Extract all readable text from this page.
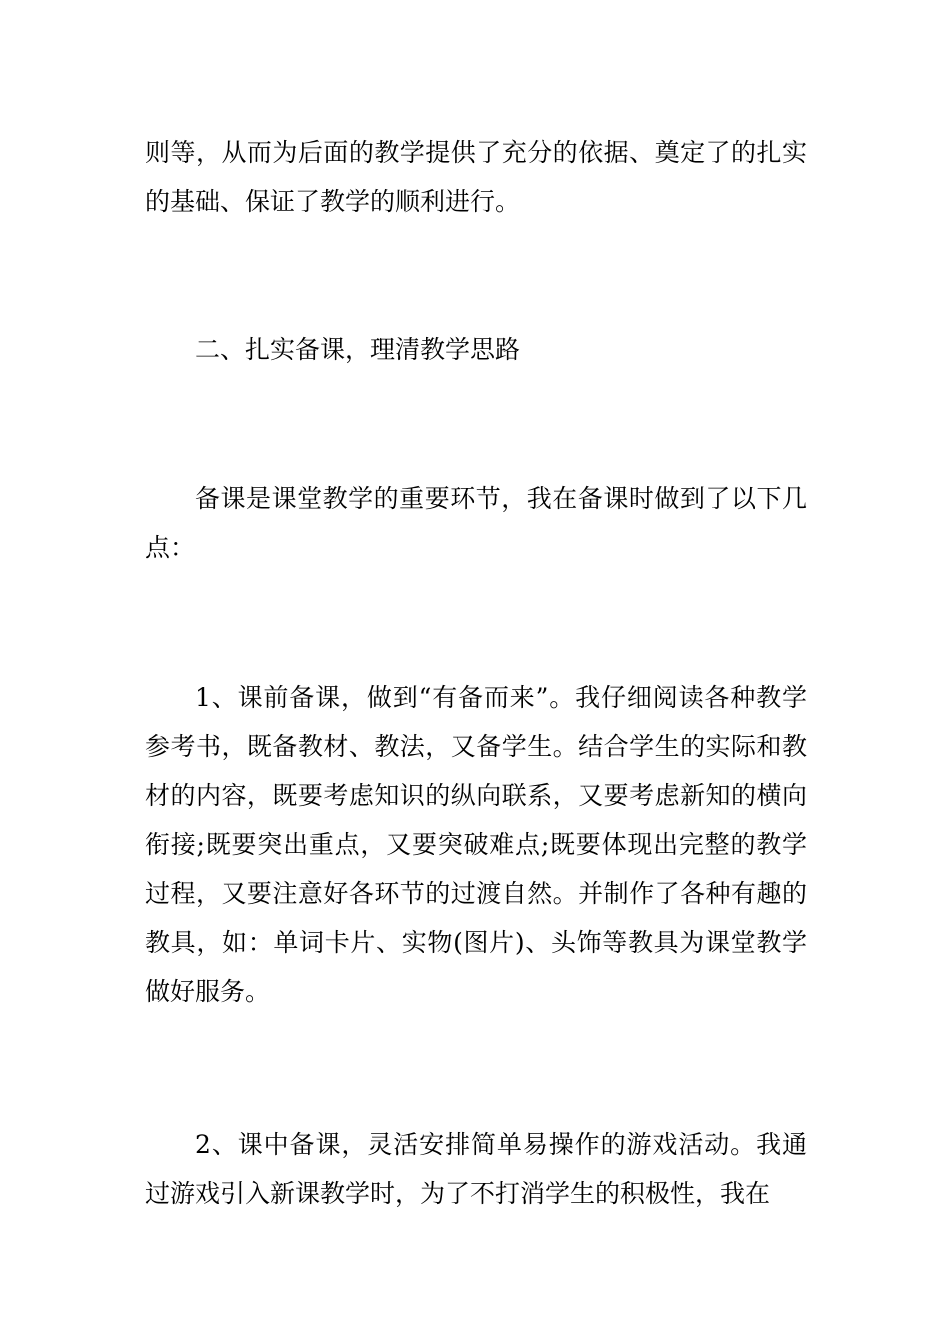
则等，从而为后面的教学提供了充分的依据、奠定了的扎实的基础、保证了教学的顺利进行。

二、扎实备课，理清教学思路

备课是课堂教学的重要环节，我在备课时做到了以下几点：

1、课前备课，做到“有备而来”。我仔细阅读各种教学参考书，既备教材、教法，又备学生。结合学生的实际和教材的内容，既要考虑知识的纵向联系，又要考虑新知的横向衔接;既要突出重点，又要突破难点;既要体现出完整的教学过程，又要注意好各环节的过渡自然。并制作了各种有趣的教具，如：单词卡片、实物(图片)、头饰等教具为课堂教学做好服务。

2、课中备课，灵活安排简单易操作的游戏活动。我通过游戏引入新课教学时，为了不打消学生的积极性，我在
